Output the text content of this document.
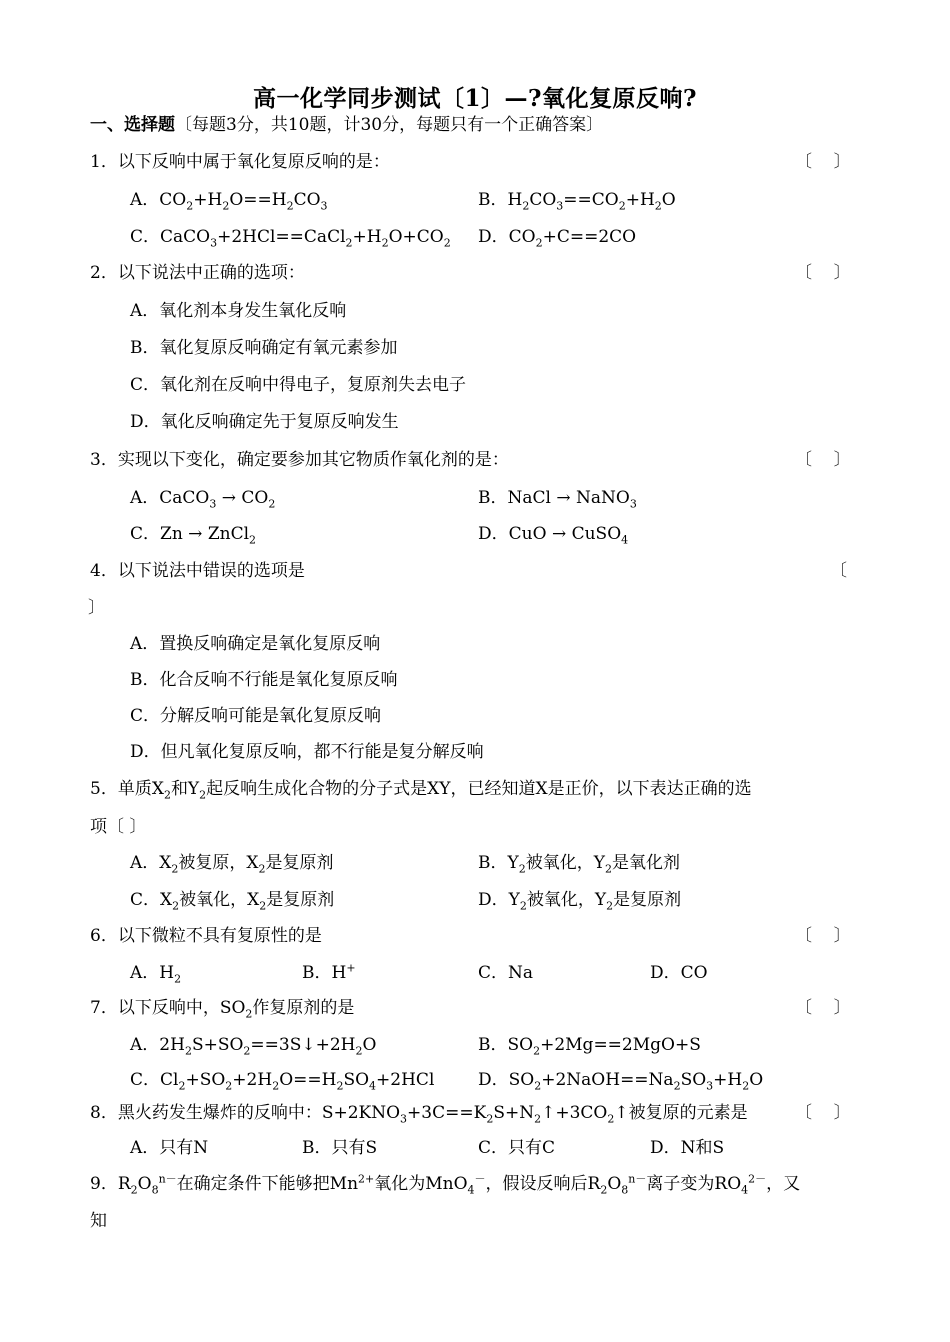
高一化学同步测试〔1〕—?氧化复原反响?
一、选择题〔每题3分，共10题，计30分，每题只有一个正确答案〕
1．以下反响中属于氧化复原反响的是：	〔    〕
A．$CO_2+H_2O==H_2CO_3$	B．$H_2CO_3==CO_2+H_2O$
C．$CaCO_3+2HCl==CaCl_2+H_2O+CO_2$ D．$CO_2+C==2CO$
2．以下说法中正确的选项：	〔    〕
A．氧化剂本身发生氧化反响
B．氧化复原反响确定有氧元素参加
C．氧化剂在反响中得电子，复原剂失去电子
D．氧化反响确定先于复原反响发生
3．实现以下变化，确定要参加其它物质作氧化剂的是：	〔    〕
A．CaCO$_3$ → $CO_2$	B．NaCl → NaNO$_3$
C．Zn → ZnCl$_2$	D．CuO → CuSO$_4$
4．以下说法中错误的选项是	〔
〕
A．置换反响确定是氧化复原反响
B．化合反响不行能是氧化复原反响
C．分解反响可能是氧化复原反响
D．但凡氧化复原反响，都不行能是复分解反响
5．单质$X_2$和$Y_2$起反响生成化合物的分子式是XY，已经知道X是正价，以下表达正确的选
项〔 〕
A．$X_2$被复原，$X_2$是复原剂	B．$Y_2$被氧化，$Y_2$是氧化剂
C．$X_2$被氧化，$X_2$是复原剂	D．$Y_2$被氧化，$Y_2$是复原剂
6．以下微粒不具有复原性的是	〔    〕
A．$H_2$	B．H+	C．Na	D．CO
7．以下反响中，$SO_2$作复原剂的是	〔    〕
A．$2H_2S+SO_2==3S↓+2H_2O$	B．$SO_2+2Mg==2MgO+S$
C．$Cl_2+SO_2+2H_2O==H_2SO_4+2HCl$	D．$SO_2+2NaOH==Na_2SO_3+H_2O$
8．黑火药发生爆炸的反响中：$S+2KNO_3+3C==K_2S+N_2↑+3CO_2↑$被复原的元素是	〔    〕
A．只有N	B．只有S	C．只有C	D．N和S
9．$R_2O_8^{n-}$在确定条件下能够把$Mn^{2+}$氧化为MnO$_4$－，假设反响后$R_2O_8^{n-}$离子变为$RO_4^{2-}$，又
知
